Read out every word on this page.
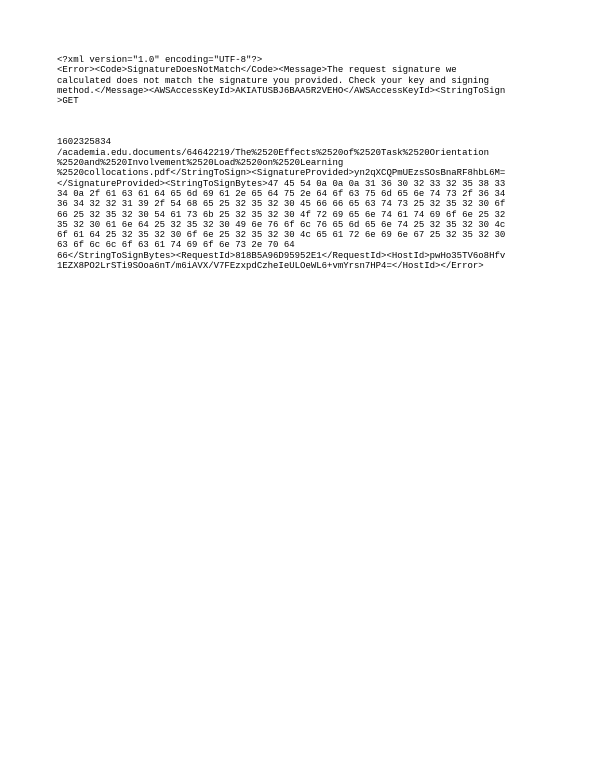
<?xml version="1.0" encoding="UTF-8"?>
<Error><Code>SignatureDoesNotMatch</Code><Message>The request signature we
calculated does not match the signature you provided. Check your key and signing
method.</Message><AWSAccessKeyId>AKIATUSBJ6BAA5R2VEHO</AWSAccessKeyId><StringToSign
>GET
1602325834
/academia.edu.documents/64642219/The%2520Effects%2520of%2520Task%2520Orientation
%2520and%2520Involvement%2520Load%2520on%2520Learning
%2520collocations.pdf</StringToSign><SignatureProvided>yn2qXCQPmUEzsSOsBnaRF8hbL6M=
</SignatureProvided><StringToSignBytes>47 45 54 0a 0a 0a 31 36 30 32 33 32 35 38 33
34 0a 2f 61 63 61 64 65 6d 69 61 2e 65 64 75 2e 64 6f 63 75 6d 65 6e 74 73 2f 36 34
36 34 32 32 31 39 2f 54 68 65 25 32 35 32 30 45 66 66 65 63 74 73 25 32 35 32 30 6f
66 25 32 35 32 30 54 61 73 6b 25 32 35 32 30 4f 72 69 65 6e 74 61 74 69 6f 6e 25 32
35 32 30 61 6e 64 25 32 35 32 30 49 6e 76 6f 6c 76 65 6d 65 6e 74 25 32 35 32 30 4c
6f 61 64 25 32 35 32 30 6f 6e 25 32 35 32 30 4c 65 61 72 6e 69 6e 67 25 32 35 32 30
63 6f 6c 6c 6f 63 61 74 69 6f 6e 73 2e 70 64
66</StringToSignBytes><RequestId>818B5A96D95952E1</RequestId><HostId>pwHo35TV6o8Hfv
1EZX8PO2LrSTi9SOoa6nT/m6iAVX/V7FEzxpdCzheIeULOeWL6+vmYrsn7HP4=</HostId></Error>
